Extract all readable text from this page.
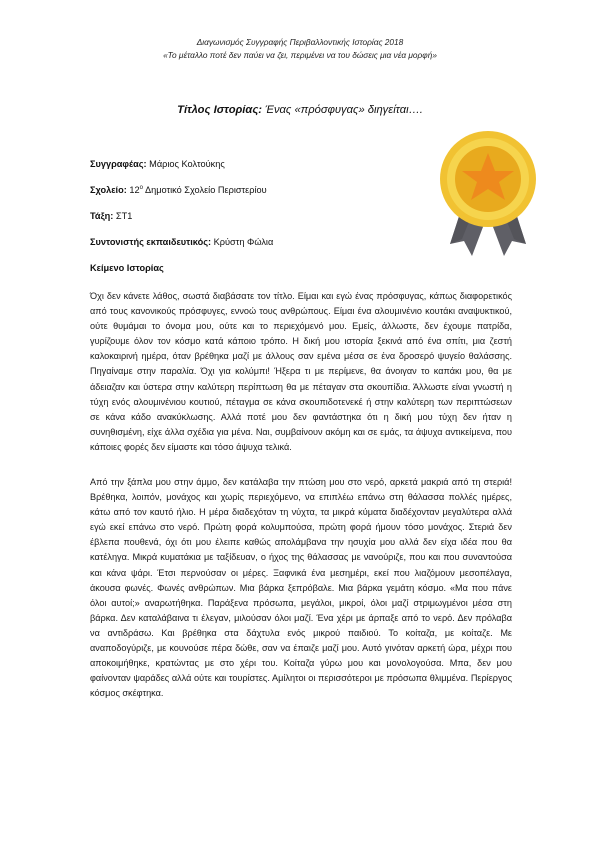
Διαγωνισμός Συγγραφής Περιβαλλοντικής Ιστορίας 2018
«Το μέταλλο ποτέ δεν παύει να ζει, περιμένει να του δώσεις μια νέα μορφή»
Τίτλος Ιστορίας: Ένας «πρόσφυγας» διηγείται….
Συγγραφέας: Μάριος Κολτούκης
Σχολείο: $12^o$ Δημοτικό Σχολείο Περιστερίου
Τάξη: ΣΤ1
Συντονιστής εκπαιδευτικός: Κρύστη Φώλια
Κείμενο Ιστορίας

Όχι δεν κάνετε λάθος, σωστά διαβάσατε τον τίτλο. Είμαι και εγώ ένας πρόσφυγας, κάπως διαφορετικός από τους κανονικούς πρόσφυγες, εννοώ τους ανθρώπους. Είμαι ένα αλουμινένιο κουτάκι αναψυκτικού, ούτε θυμάμαι το όνομα μου, ούτε και το περιεχόμενό μου. Εμείς, άλλωστε, δεν έχουμε πατρίδα, γυρίζουμε όλον τον κόσμο κατά κάποιο τρόπο. Η δική μου ιστορία ξεκινά από ένα σπίτι, μια ζεστή καλοκαιρινή ημέρα, όταν βρέθηκα μαζί με άλλους σαν εμένα μέσα σε ένα δροσερό ψυγείο θαλάσσης. Πηγαίναμε στην παραλία. Όχι για κολύμπι! Ήξερα τι με περίμενε, θα άνοιγαν το καπάκι μου, θα με άδειαζαν και ύστερα στην καλύτερη περίπτωση θα με πέταγαν στα σκουπίδια. Άλλωστε είναι γνωστή η τύχη ενός αλουμινένιου κουτιού, πέταγμα σε κάνα σκουπιδοτενεκέ ή στην καλύτερη των περιπτώσεων σε κάνα κάδο ανακύκλωσης. Αλλά ποτέ μου δεν φαντάστηκα ότι η δική μου τύχη δεν ήταν η συνηθισμένη, είχε άλλα σχέδια για μένα. Ναι, συμβαίνουν ακόμη και σε εμάς, τα άψυχα αντικείμενα, που κάποιες φορές δεν είμαστε και τόσο άψυχα τελικά.

Από την ξάπλα μου στην άμμο, δεν κατάλαβα την πτώση μου στο νερό, αρκετά μακριά από τη στεριά! Βρέθηκα, λοιπόν, μονάχος και χωρίς περιεχόμενο, να επιπλέω επάνω στη θάλασσα πολλές ημέρες, κάτω από τον καυτό ήλιο. Η μέρα διαδεχόταν τη νύχτα, τα μικρά κύματα διαδέχονταν μεγαλύτερα αλλά εγώ εκεί επάνω στο νερό. Πρώτη φορά κολυμπούσα, πρώτη φορά ήμουν τόσο μονάχος. Στεριά δεν έβλεπα πουθενά, όχι ότι μου έλειπε καθώς απολάμβανα την ησυχία μου αλλά δεν είχα ιδέα που θα κατέληγα. Μικρά κυματάκια με ταξίδευαν, ο ήχος της θάλασσας με νανούριζε, που και που συναντούσα και κάνα ψάρι. Έτσι περνούσαν οι μέρες. Ξαφνικά ένα μεσημέρι, εκεί που λιαζόμουν μεσοπέλαγα, άκουσα φωνές. Φωνές ανθρώπων. Μια βάρκα ξεπρόβαλε. Μια βάρκα γεμάτη κόσμο. «Μα που πάνε όλοι αυτοί;» αναρωτήθηκα. Παράξενα πρόσωπα, μεγάλοι, μικροί, όλοι μαζί στριμωγμένοι μέσα στη βάρκα. Δεν καταλάβαινα τι έλεγαν, μιλούσαν όλοι μαζί. Ένα χέρι με άρπαξε από το νερό. Δεν πρόλαβα να αντιδράσω. Και βρέθηκα στα δάχτυλα ενός μικρού παιδιού. Το κοίταζα, με κοίταζε. Με αναποδογύριζε, με κουνούσε πέρα δώθε, σαν να έπαιζε μαζί μου. Αυτό γινόταν αρκετή ώρα, μέχρι που αποκοιμήθηκε, κρατώντας με στο χέρι του. Κοίταζα γύρω μου και μονολογούσα. Μπα, δεν μου φαίνονταν ψαράδες αλλά ούτε και τουρίστες. Αμίλητοι οι περισσότεροι με πρόσωπα θλιμμένα. Περίεργος κόσμος σκέφτηκα.
